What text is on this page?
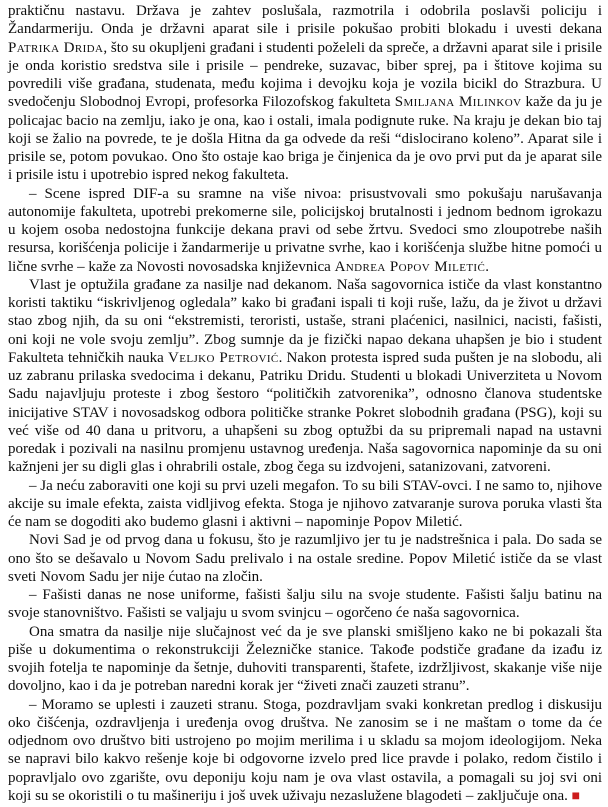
praktičnu nastavu. Država je zahtev poslušala, razmotrila i odobrila poslavši policiju i Žandarmeriju. Onda je državni aparat sile i prisile pokušao probiti blokadu i uvesti dekana Patrika Drida, što su okupljeni građani i studenti poželeli da spreče, a državni aparat sile i prisile je onda koristio sredstva sile i prisile – pendreke, suzavac, biber sprej, pa i štitove kojima su povredili više građana, studenata, među kojima i devojku koja je vozila bicikl do Strazbura. U svedočenju Slobodnoj Evropi, profesorka Filozofskog fakulteta Smiljana Milinkov kaže da ju je policajac bacio na zemlju, iako je ona, kao i ostali, imala podignute ruke. Na kraju je dekan bio taj koji se žalio na povrede, te je došla Hitna da ga odvede da reši “dislocirano koleno”. Aparat sile i prisile se, potom povukao. Ono što ostaje kao briga je činjenica da je ovo prvi put da je aparat sile i prisile istu i upotrebio ispred nekog fakulteta.

– Scene ispred DIF-a su sramne na više nivoa: prisustvovali smo pokušaju narušavanja autonomije fakulteta, upotrebi prekomerne sile, policijskoj brutalnosti i jednom bednom igrokazu u kojem osoba nedostojna funkcije dekana pravi od sebe žrtvu. Svedoci smo zloupotrebe naših resursa, korišćenja policije i žandarmerije u privatne svrhe, kao i korišćenja službe hitne pomoći u lične svrhe – kaže za Novosti novosadska književnica Andrea Popov Miletić.

Vlast je optužila građane za nasilje nad dekanom. Naša sagovornica ističe da vlast konstantno koristi taktiku “iskrivljenog ogledala” kako bi građani ispali ti koji ruše, lažu, da je život u državi stao zbog njih, da su oni “ekstremisti, teroristi, ustaše, strani plaćenici, nasilnici, nacisti, fašisti, oni koji ne vole svoju zemlju”. Zbog sumnje da je fizički napao dekana uhapšen je bio i student Fakulteta tehničkih nauka Veljko Petrović. Nakon protesta ispred suda pušten je na slobodu, ali uz zabranu prilaska svedocima i dekanu, Patriku Dridu. Studenti u blokadi Univerziteta u Novom Sadu najavljuju proteste i zbog šestoro “političkih zatvorenika”, odnosno članova studentske inicijative STAV i novosadskog odbora političke stranke Pokret slobodnih građana (PSG), koji su već više od 40 dana u pritvoru, a uhapšeni su zbog optužbi da su pripremali napad na ustavni poredak i pozivali na nasilnu promjenu ustavnog uređenja. Naša sagovornica napominje da su oni kažnjeni jer su digli glas i ohrabrili ostale, zbog čega su izdvojeni, satanizovani, zatvoreni.

– Ja neću zaboraviti one koji su prvi uzeli megafon. To su bili STAV-ovci. I ne samo to, njihove akcije su imale efekta, zaista vidljivog efekta. Stoga je njihovo zatvaranje surova poruka vlasti šta će nam se dogoditi ako budemo glasni i aktivni – napominje Popov Miletić.

Novi Sad je od prvog dana u fokusu, što je razumljivo jer tu je nadstrešnica i pala. Do sada se ono što se dešavalo u Novom Sadu prelivalo i na ostale sredine. Popov Miletić ističe da se vlast sveti Novom Sadu jer nije ćutao na zločin.

– Fašisti danas ne nose uniforme, fašisti šalju silu na svoje studente. Fašisti šalju batinu na svoje stanovništvo. Fašisti se valjaju u svom svinjcu – ogorčeno će naša sagovornica.

Ona smatra da nasilje nije slučajnost već da je sve planski smišljeno kako ne bi pokazali šta piše u dokumentima o rekonstrukciji Železničke stanice. Takođe podstiče građane da izađu iz svojih fotelja te napominje da šetnje, duhoviti transparenti, štafete, izdržljivost, skakanje više nije dovoljno, kao i da je potreban naredni korak jer “živeti znači zauzeti stranu”.

– Moramo se uplesti i zauzeti stranu. Stoga, pozdravljam svaki konkretan predlog i diskusiju oko čišćenja, ozdravljenja i uređenja ovog društva. Ne zanosim se i ne maštam o tome da će odjednom ovo društvo biti ustrojeno po mojim merilima i u skladu sa mojom ideologijom. Neka se napravi bilo kakvo rešenje koje bi odgovorne izvelo pred lice pravde i polako, redom čistilo i popravljalo ovo zgarište, ovu deponiju koju nam je ova vlast ostavila, a pomagali su joj svi oni koji su se okoristili o tu mašineriju i još uvek uživaju nezaslužene blagodeti – zaključuje ona. ■
